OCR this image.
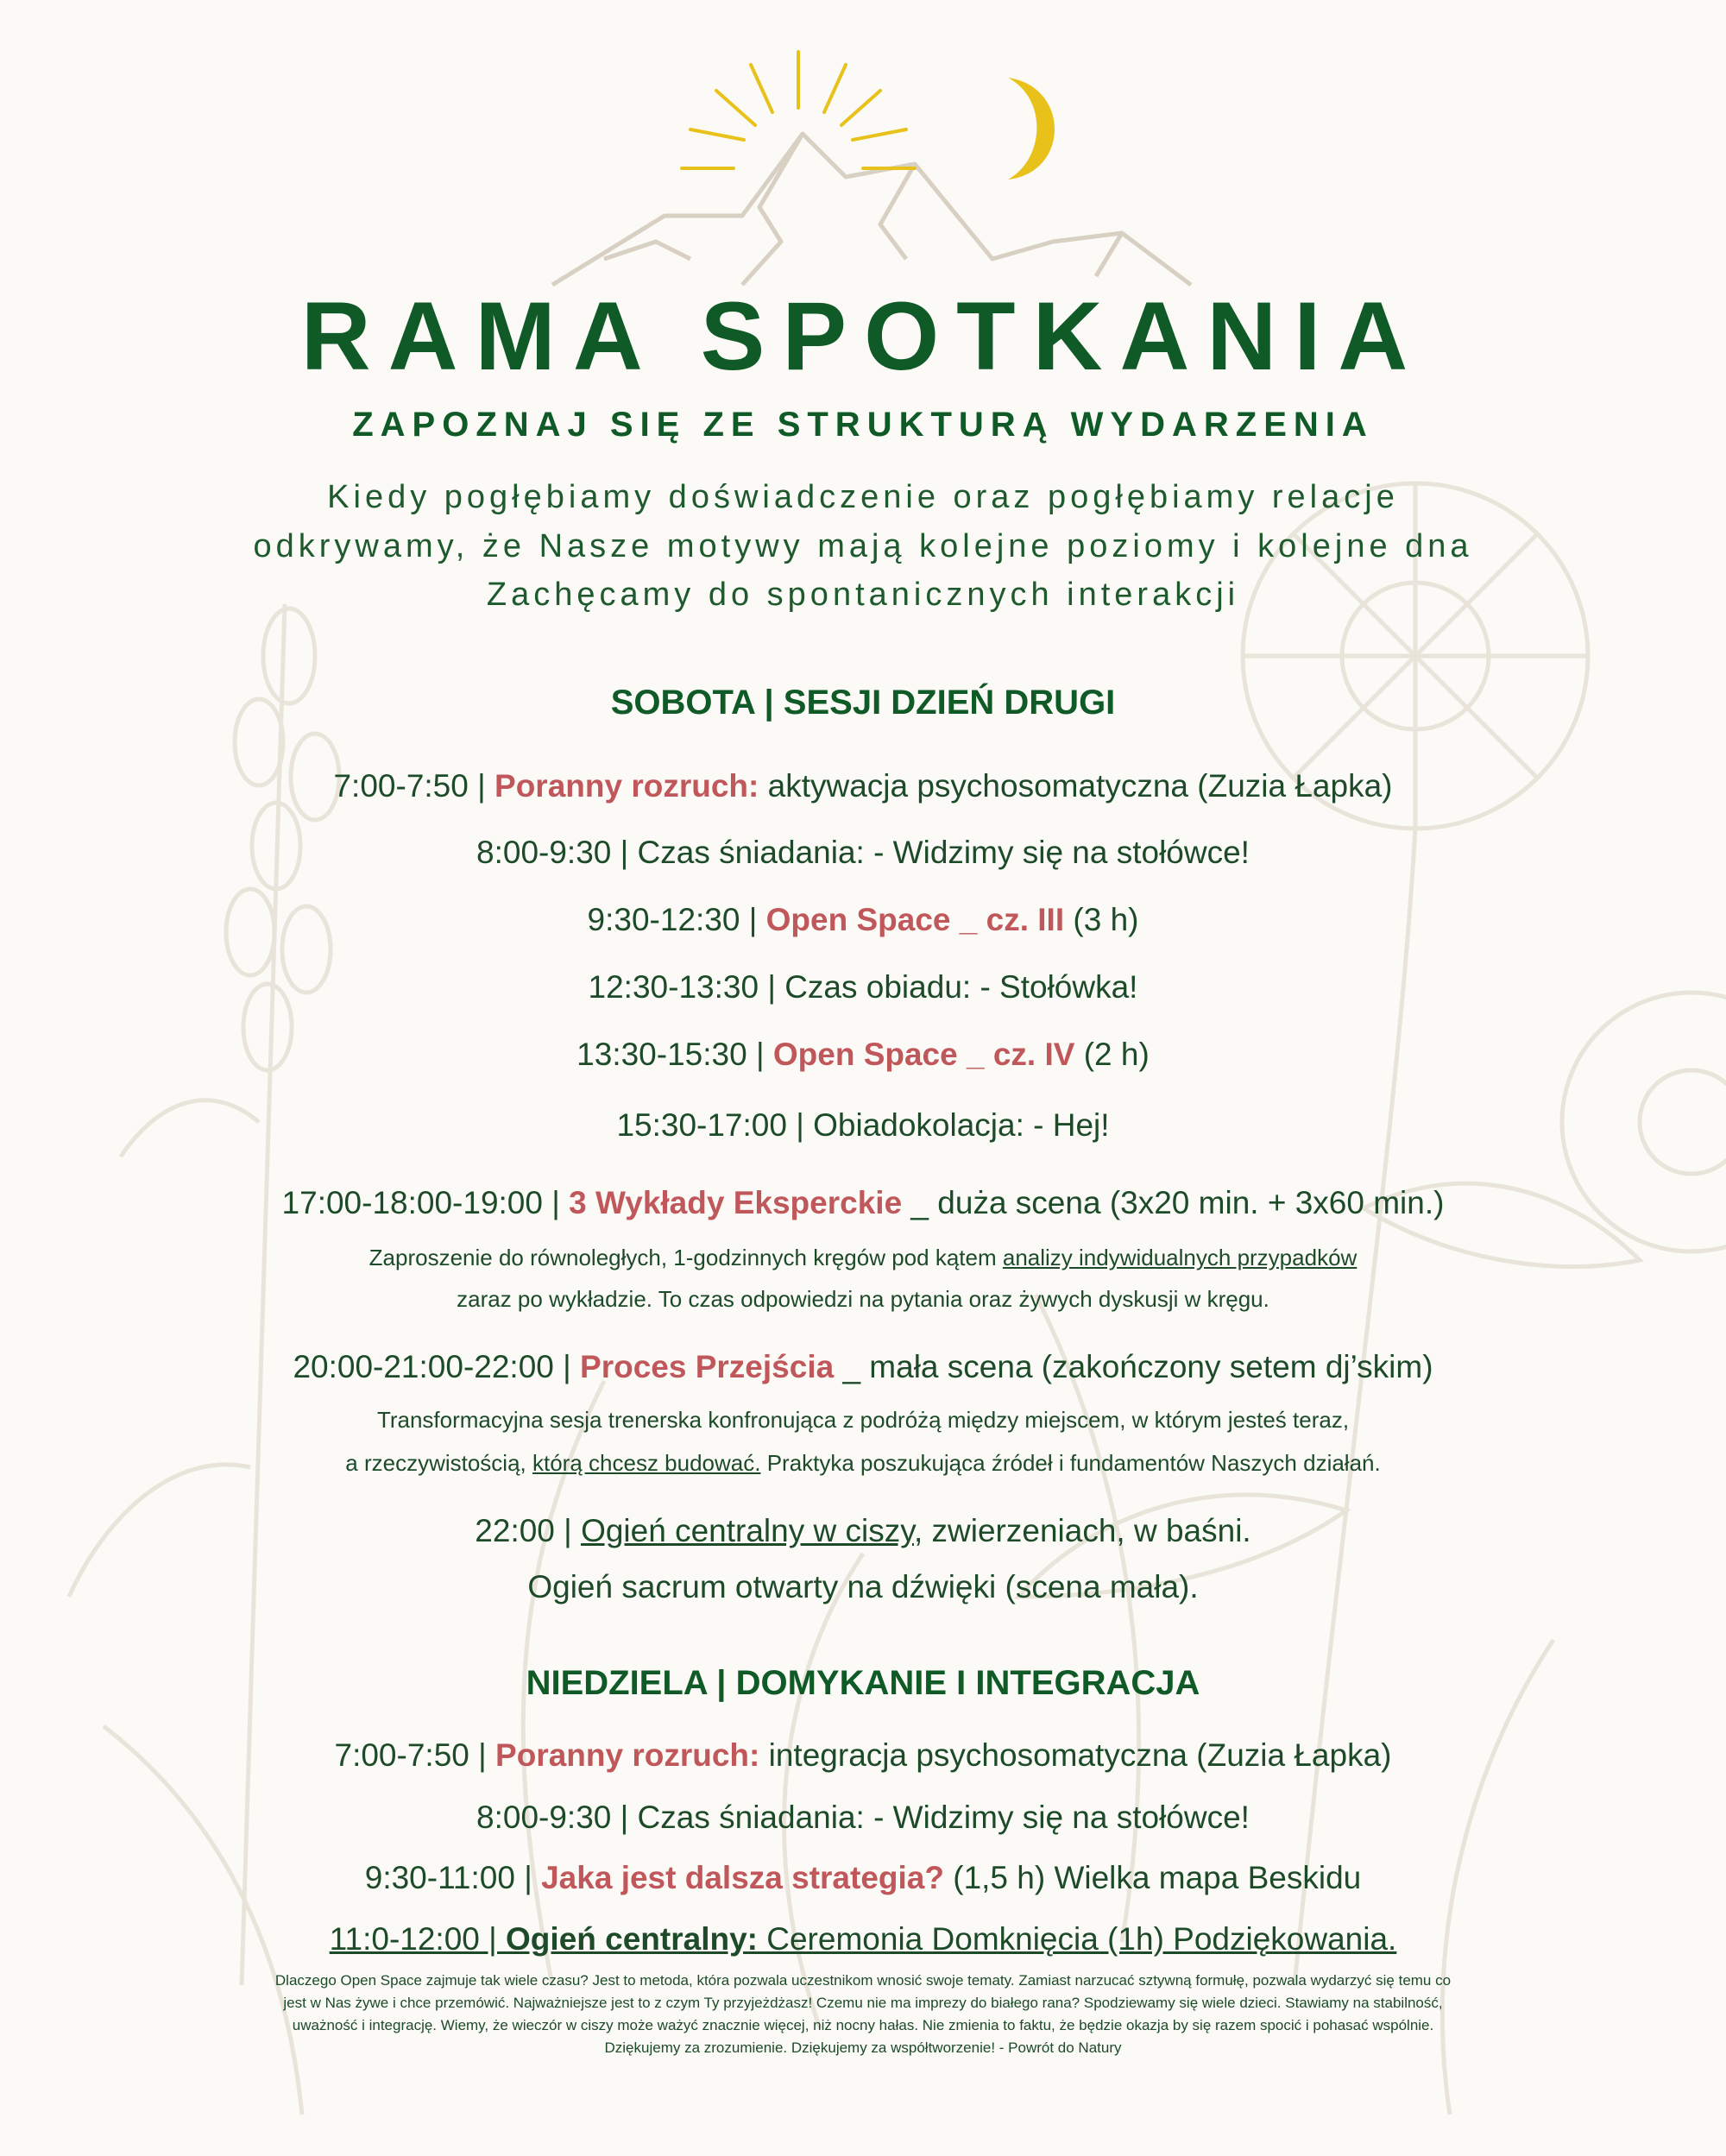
RAMA SPOTKANIA
ZAPOZNAJ SIĘ ZE STRUKTURĄ WYDARZENIA
Kiedy pogłębiamy doświadczenie oraz pogłębiamy relacje
odkrywamy, że Nasze motywy mają kolejne poziomy i kolejne dna
Zachęcamy do spontanicznych interakcji
SOBOTA | SESJI DZIEŃ DRUGI
7:00-7:50 | Poranny rozruch: aktywacja psychosomatyczna (Zuzia Łapka)
8:00-9:30 | Czas śniadania: - Widzimy się na stołówce!
9:30-12:30 | Open Space _ cz. III (3 h)
12:30-13:30 | Czas obiadu: - Stołówka!
13:30-15:30 | Open Space _ cz. IV (2 h)
15:30-17:00 | Obiadokolacja: - Hej!
17:00-18:00-19:00 | 3 Wykłady Eksperckie _ duża scena (3x20 min. + 3x60 min.)
Zaproszenie do równoległych, 1-godzinnych kręgów pod kątem analizy indywidualnych przypadków
zaraz po wykładzie. To czas odpowiedzi na pytania oraz żywych dyskusji w kręgu.
20:00-21:00-22:00 | Proces Przejścia _ mała scena (zakończony setem dj’skim)
Transformacyjna sesja trenerska konfronująca z podróżą między miejscem, w którym jesteś teraz,
a rzeczywistością, którą chcesz budować. Praktyka poszukująca źródeł i fundamentów Naszych działań.
22:00 | Ogień centralny w ciszy, zwierzeniach, w baśni.
Ogień sacrum otwarty na dźwięki (scena mała).
NIEDZIELA | DOMYKANIE I INTEGRACJA
7:00-7:50 | Poranny rozruch: integracja psychosomatyczna (Zuzia Łapka)
8:00-9:30 | Czas śniadania: - Widzimy się na stołówce!
9:30-11:00 | Jaka jest dalsza strategia? (1,5 h) Wielka mapa Beskidu
11:0-12:00 | Ogień centralny: Ceremonia Domknięcia (1h) Podziękowania.
Dlaczego Open Space zajmuje tak wiele czasu? Jest to metoda, która pozwala uczestnikom wnosić swoje tematy. Zamiast narzucać sztywną formułę, pozwala wydarzyć się temu co
jest w Nas żywe i chce przemówić. Najważniejsze jest to z czym Ty przyjeżdżasz! Czemu nie ma imprezy do białego rana? Spodziewamy się wiele dzieci. Stawiamy na stabilność,
uważność i integrację. Wiemy, że wieczór w ciszy może ważyć znacznie więcej, niż nocny hałas. Nie zmienia to faktu, że będzie okazja by się razem spocić i pohasać wspólnie.
Dziękujemy za zrozumienie. Dziękujemy za współtworzenie! - Powrót do Natury
